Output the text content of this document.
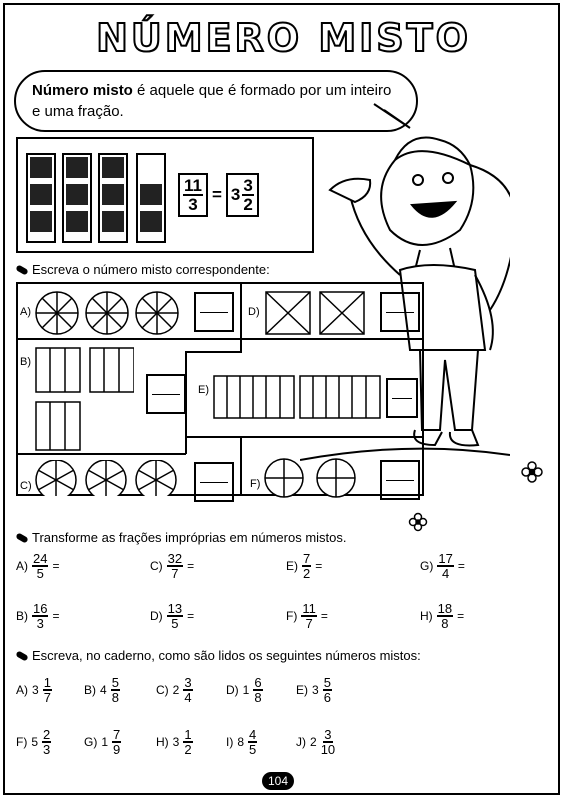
NÚMERO MISTO
Número misto é aquele que é formado por um inteiro e uma fração.
$\frac{11}{3} = 3 \frac{3}{2}$
Escreva o número misto correspondente:
A)	D)
B)
E)
C)	F)
Transforme as frações impróprias em números mistos.
$A) \frac{24}{5}$ =	$C) \frac{32}{7}$ =	$E) \frac{7}{2}$ =	$G) \frac{17}{4}$ =
$B) \frac{16}{3}$ =	$D) \frac{13}{5}$ =	$F) \frac{11}{7}$ =	$H) \frac{18}{8}$ =
Escreva, no caderno, como são lidos os seguintes números mistos:
A) $3 \frac{1}{7}$	B) $4 \frac{5}{8}$	C) $2 \frac{3}{4}$	D) $1 \frac{6}{8}$	E) $3 \frac{5}{6}$
F) $5 \frac{2}{3}$	G) $1 \frac{7}{9}$	H) $3 \frac{1}{2}$	I) $8 \frac{4}{5}$	J) $2 \frac{3}{10}$
104
